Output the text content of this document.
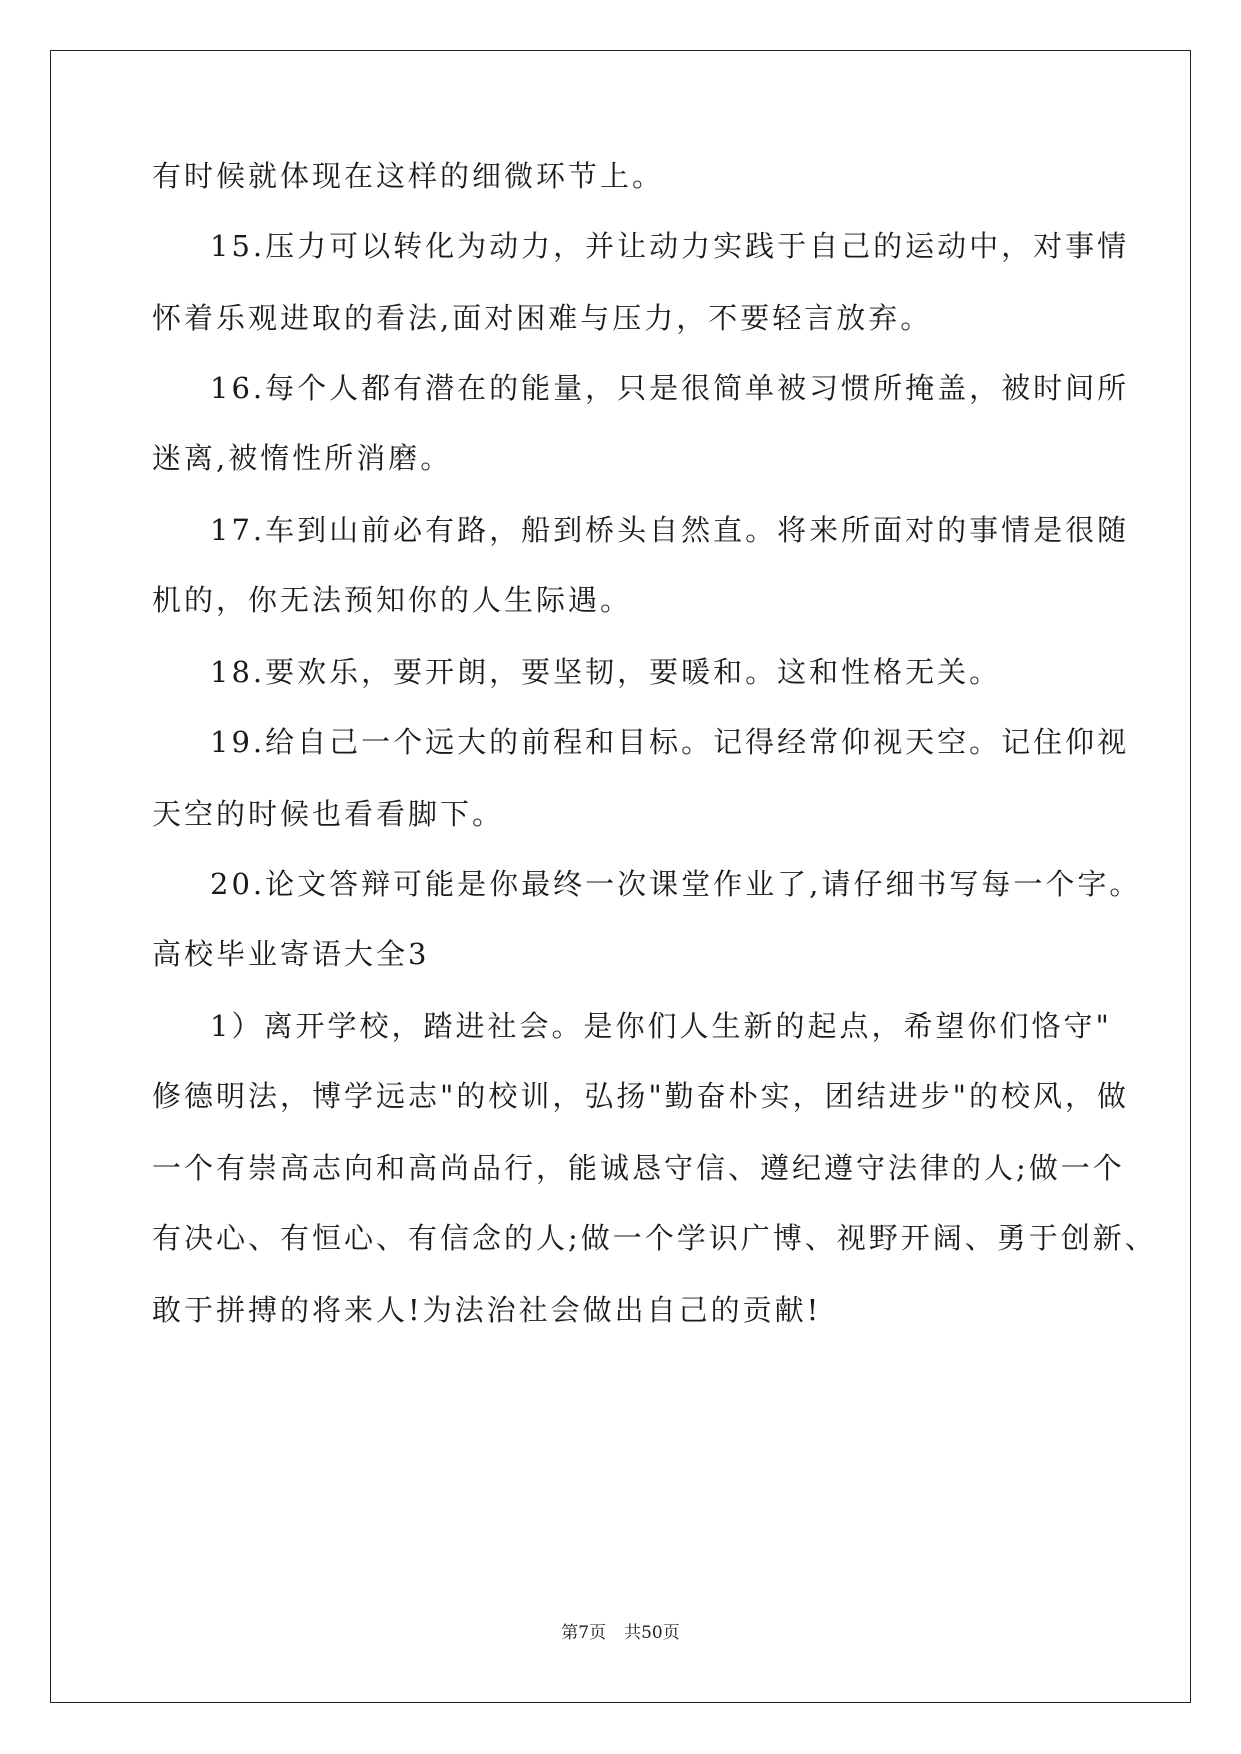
有时候就体现在这样的细微环节上。

15.压力可以转化为动力，并让动力实践于自己的运动中，对事情

怀着乐观进取的看法,面对困难与压力，不要轻言放弃。

16.每个人都有潜在的能量，只是很简单被习惯所掩盖，被时间所

迷离,被惰性所消磨。

17.车到山前必有路，船到桥头自然直。将来所面对的事情是很随

机的，你无法预知你的人生际遇。

18.要欢乐，要开朗，要坚韧，要暖和。这和性格无关。

19.给自己一个远大的前程和目标。记得经常仰视天空。记住仰视

天空的时候也看看脚下。

20.论文答辩可能是你最终一次课堂作业了,请仔细书写每一个字。

高校毕业寄语大全3

1）离开学校，踏进社会。是你们人生新的起点，希望你们恪守"

修德明法，博学远志"的校训，弘扬"勤奋朴实，团结进步"的校风，做

一个有崇高志向和高尚品行，能诚恳守信、遵纪遵守法律的人;做一个

有决心、有恒心、有信念的人;做一个学识广博、视野开阔、勇于创新、

敢于拼搏的将来人!为法治社会做出自己的贡献!

第7页 共50页
